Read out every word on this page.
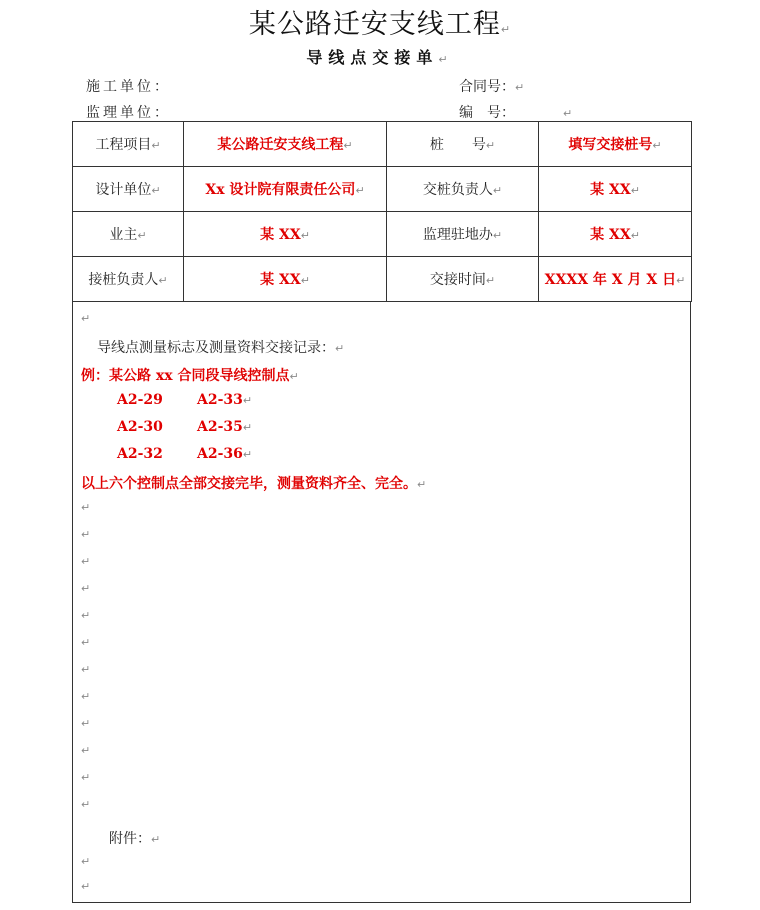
某公路迁安支线工程↵
导线点交接单↵
施工单位：	合同号：↵
监理单位：	编　号：	↵
工程项目↵	某公路迁安支线工程↵	桩　　号↵	填写交接桩号↵
设计单位↵	Xx 设计院有限责任公司↵	交桩负责人↵	某 XX↵
业主↵	某 XX↵	监理驻地办↵	某 XX↵
接桩负责人↵	某 XX↵	交接时间↵	XXXX 年 X 月 X 日↵
↵
导线点测量标志及测量资料交接记录：↵
例：某公路 xx 合同段导线控制点↵
A2-29 A2-33↵
A2-30 A2-35↵
A2-32 A2-36↵
以上六个控制点全部交接完毕，测量资料齐全、完全。↵
↵
↵
↵
↵
↵
↵
↵
↵
↵
↵
↵
↵
附件：↵
↵
↵
